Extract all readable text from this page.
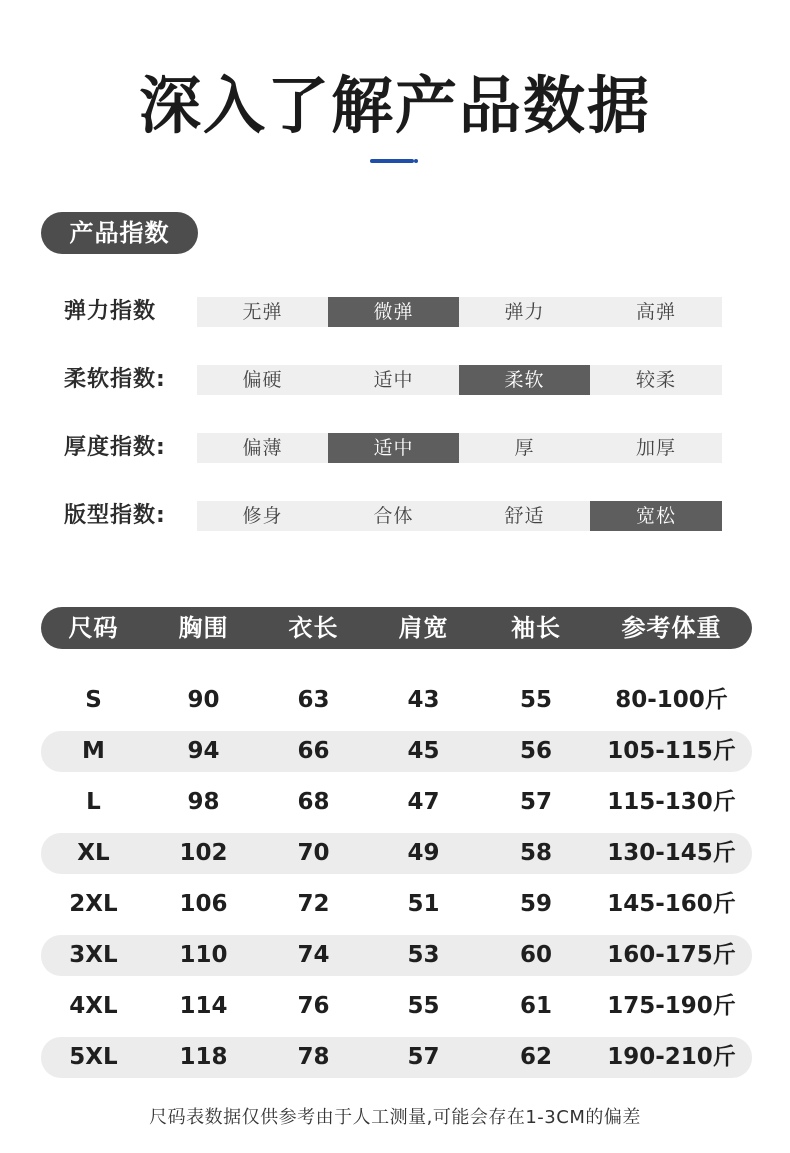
深入了解产品数据
产品指数
弹力指数	无弹	微弹	弹力	高弹
柔软指数:	偏硬	适中	柔软	较柔
厚度指数:	偏薄	适中	厚	加厚
版型指数:	修身	合体	舒适	宽松
尺码	胸围	衣长	肩宽	袖长	参考体重
S	90	63	43	55	80-100斤
M	94	66	45	56	105-115斤
L	98	68	47	57	115-130斤
XL	102	70	49	58	130-145斤
2XL	106	72	51	59	145-160斤
3XL	110	74	53	60	160-175斤
4XL	114	76	55	61	175-190斤
5XL	118	78	57	62	190-210斤
尺码表数据仅供参考由于人工测量,可能会存在1-3CM的偏差
